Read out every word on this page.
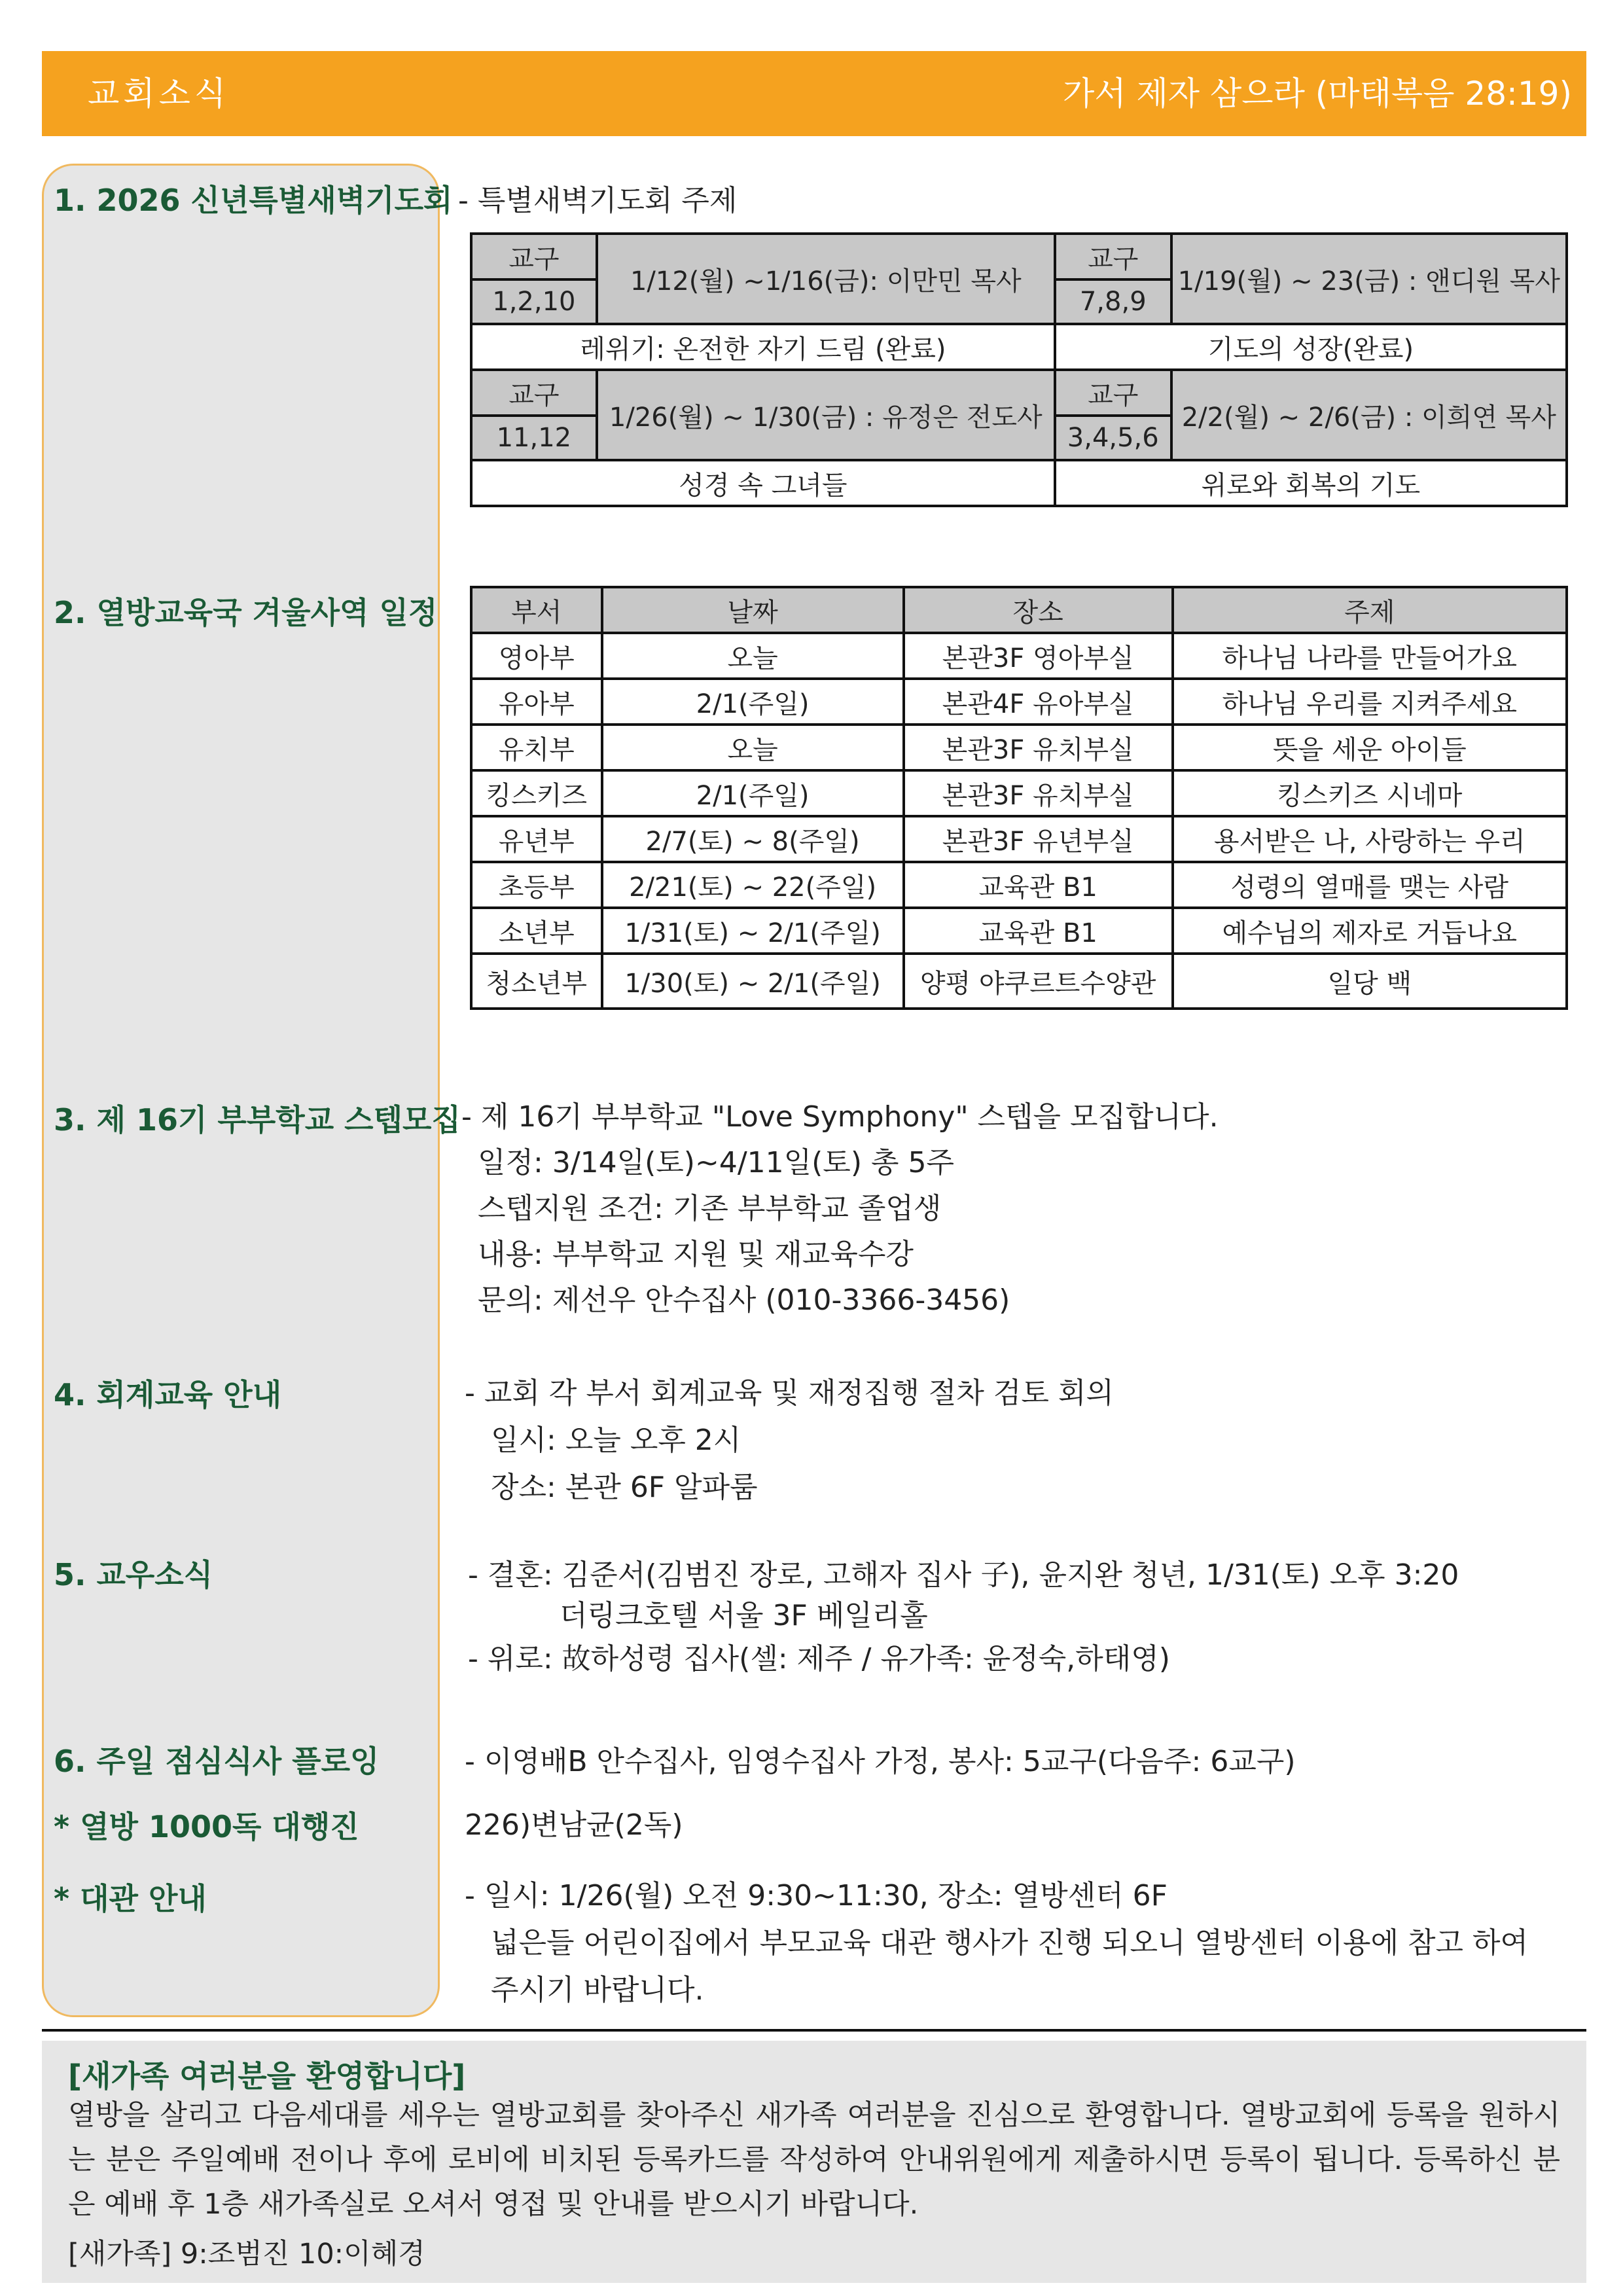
교회소식	가서 제자 삼으라 (마태복음 28:19)
1. 2026 신년특별새벽기도회 - 특별새벽기도회 주제
교구	1/12(월) ~1/16(금): 이만민 목사	교구	1/19(월) ~ 23(금) : 앤디원 목사
1,2,10		7,8,9	
레위기: 온전한 자기 드림 (완료)		기도의 성장(완료)	
교구	1/26(월) ~ 1/30(금) : 유정은 전도사	교구	2/2(월) ~ 2/6(금) : 이희연 목사
11,12		3,4,5,6	
성경 속 그녀들		위로와 회복의 기도	
2. 열방교육국 겨울사역 일정	부서	날짜	장소	주제
영아부	오늘	본관3F 영아부실	하나님 나라를 만들어가요
유아부	2/1(주일)	본관4F 유아부실	하나님 우리를 지켜주세요
유치부	오늘	본관3F 유치부실	뜻을 세운 아이들
킹스키즈	2/1(주일)	본관3F 유치부실	킹스키즈 시네마
유년부	2/7(토) ~ 8(주일)	본관3F 유년부실	용서받은 나, 사랑하는 우리
초등부	2/21(토) ~ 22(주일)	교육관 B1	성령의 열매를 맺는 사람
소년부	1/31(토) ~ 2/1(주일)	교육관 B1	예수님의 제자로 거듭나요
청소년부	1/30(토) ~ 2/1(주일)	양평 야쿠르트수양관	일당 백
3. 제 16기 부부학교 스텝모집 - 제 16기 부부학교 "Love Symphony" 스텝을 모집합니다.
일정: 3/14일(토)~4/11일(토) 총 5주
스텝지원 조건: 기존 부부학교 졸업생
내용: 부부학교 지원 및 재교육수강
문의: 제선우 안수집사 (010-3366-3456)
4. 회계교육 안내	- 교회 각 부서 회계교육 및 재정집행 절차 검토 회의
일시: 오늘 오후 2시
장소: 본관 6F 알파룸
5. 교우소식	- 결혼: 김준서(김범진 장로, 고해자 집사 子), 윤지완 청년, 1/31(토) 오후 3:20
더링크호텔 서울 3F 베일리홀
- 위로: 故하성령 집사(셀: 제주 / 유가족: 윤정숙,하태영)
6. 주일 점심식사 플로잉	- 이영배B 안수집사, 임영수집사 가정, 봉사: 5교구(다음주: 6교구)
* 열방 1000독 대행진	226)변남균(2독)
* 대관 안내	- 일시: 1/26(월) 오전 9:30~11:30, 장소: 열방센터 6F
넓은들 어린이집에서 부모교육 대관 행사가 진행 되오니 열방센터 이용에 참고 하여
주시기 바랍니다.
[새가족 여러분을 환영합니다]
열방을 살리고 다음세대를 세우는 열방교회를 찾아주신 새가족 여러분을 진심으로 환영합니다. 열방교회에 등록을 원하시는 분은 주일예배 전이나 후에 로비에 비치된 등록카드를 작성하여 안내위원에게 제출하시면 등록이 됩니다. 등록하신 분은 예배 후 1층 새가족실로 오셔서 영접 및 안내를 받으시기 바랍니다.
[새가족] 9:조범진 10:이혜경
